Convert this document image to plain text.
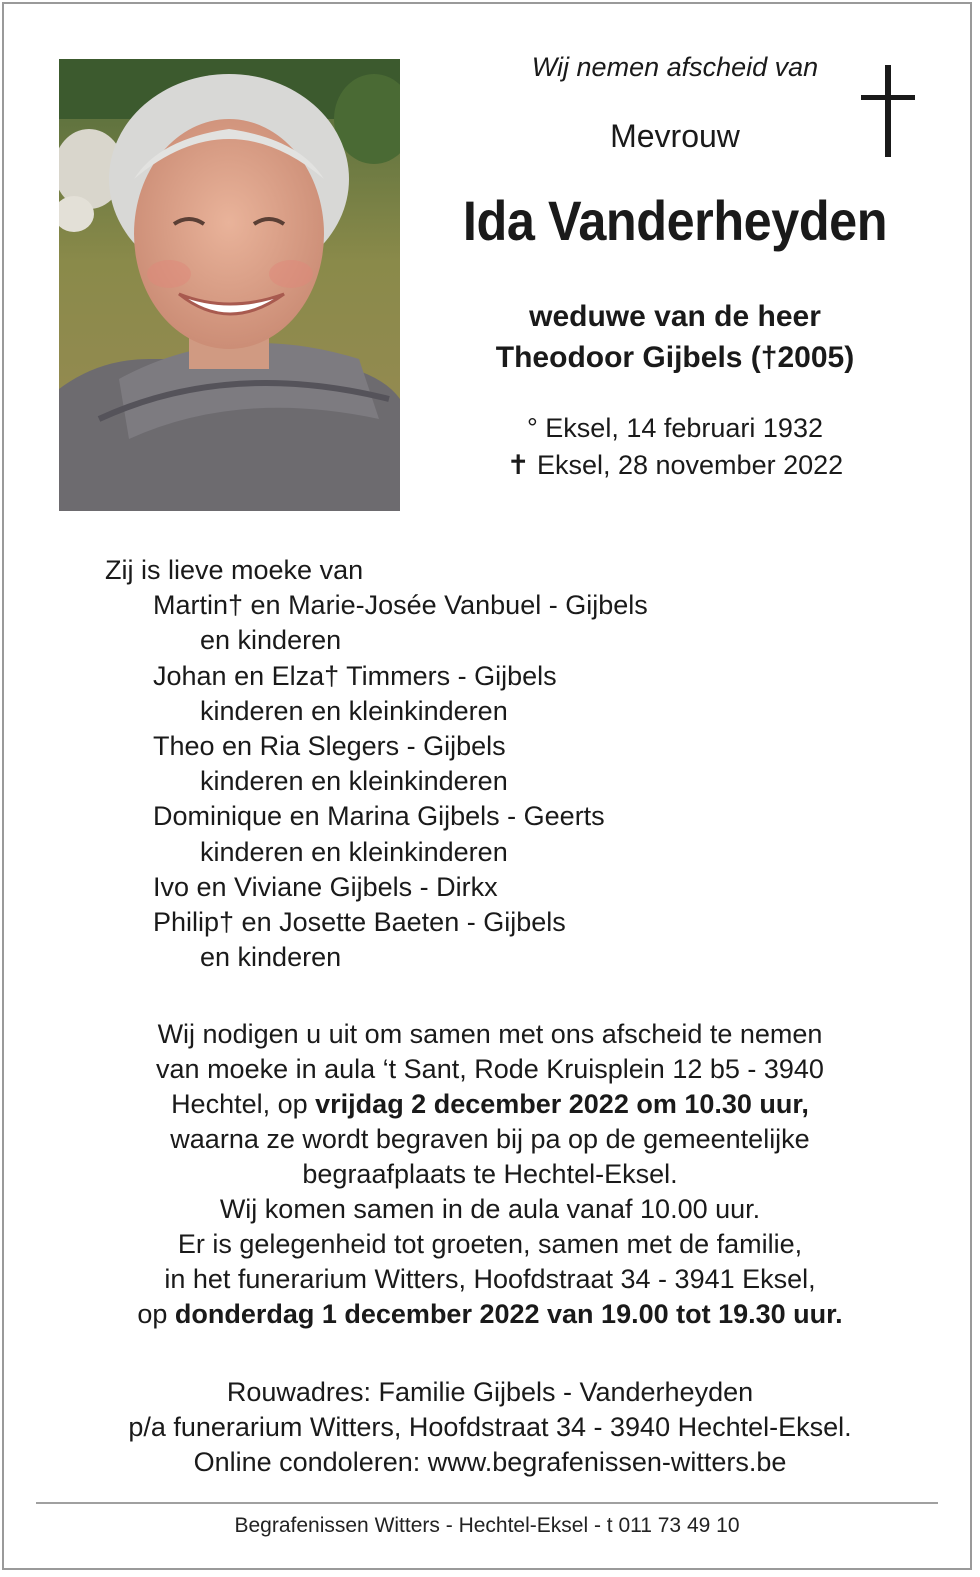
Wij nemen afscheid van
Mevrouw
Ida Vanderheyden
weduwe van de heer
Theodoor Gijbels (†2005)
° Eksel, 14 februari 1932
✝ Eksel, 28 november 2022
Zij is lieve moeke van
Martin† en Marie-Josée Vanbuel - Gijbels
en kinderen
Johan en Elza† Timmers - Gijbels
kinderen en kleinkinderen
Theo en Ria Slegers - Gijbels
kinderen en kleinkinderen
Dominique en Marina Gijbels - Geerts
kinderen en kleinkinderen
Ivo en Viviane Gijbels - Dirkx
Philip† en Josette Baeten - Gijbels
en kinderen
Wij nodigen u uit om samen met ons afscheid te nemen
van moeke in aula ‘t Sant, Rode Kruisplein 12 b5 - 3940
Hechtel, op vrijdag 2 december 2022 om 10.30 uur,
waarna ze wordt begraven bij pa op de gemeentelijke
begraafplaats te Hechtel-Eksel.
Wij komen samen in de aula vanaf 10.00 uur.
Er is gelegenheid tot groeten, samen met de familie,
in het funerarium Witters, Hoofdstraat 34 - 3941 Eksel,
op donderdag 1 december 2022 van 19.00 tot 19.30 uur.
Rouwadres: Familie Gijbels - Vanderheyden
p/a funerarium Witters, Hoofdstraat 34 - 3940 Hechtel-Eksel.
Online condoleren: www.begrafenissen-witters.be
Begrafenissen Witters - Hechtel-Eksel - t 011 73 49 10
